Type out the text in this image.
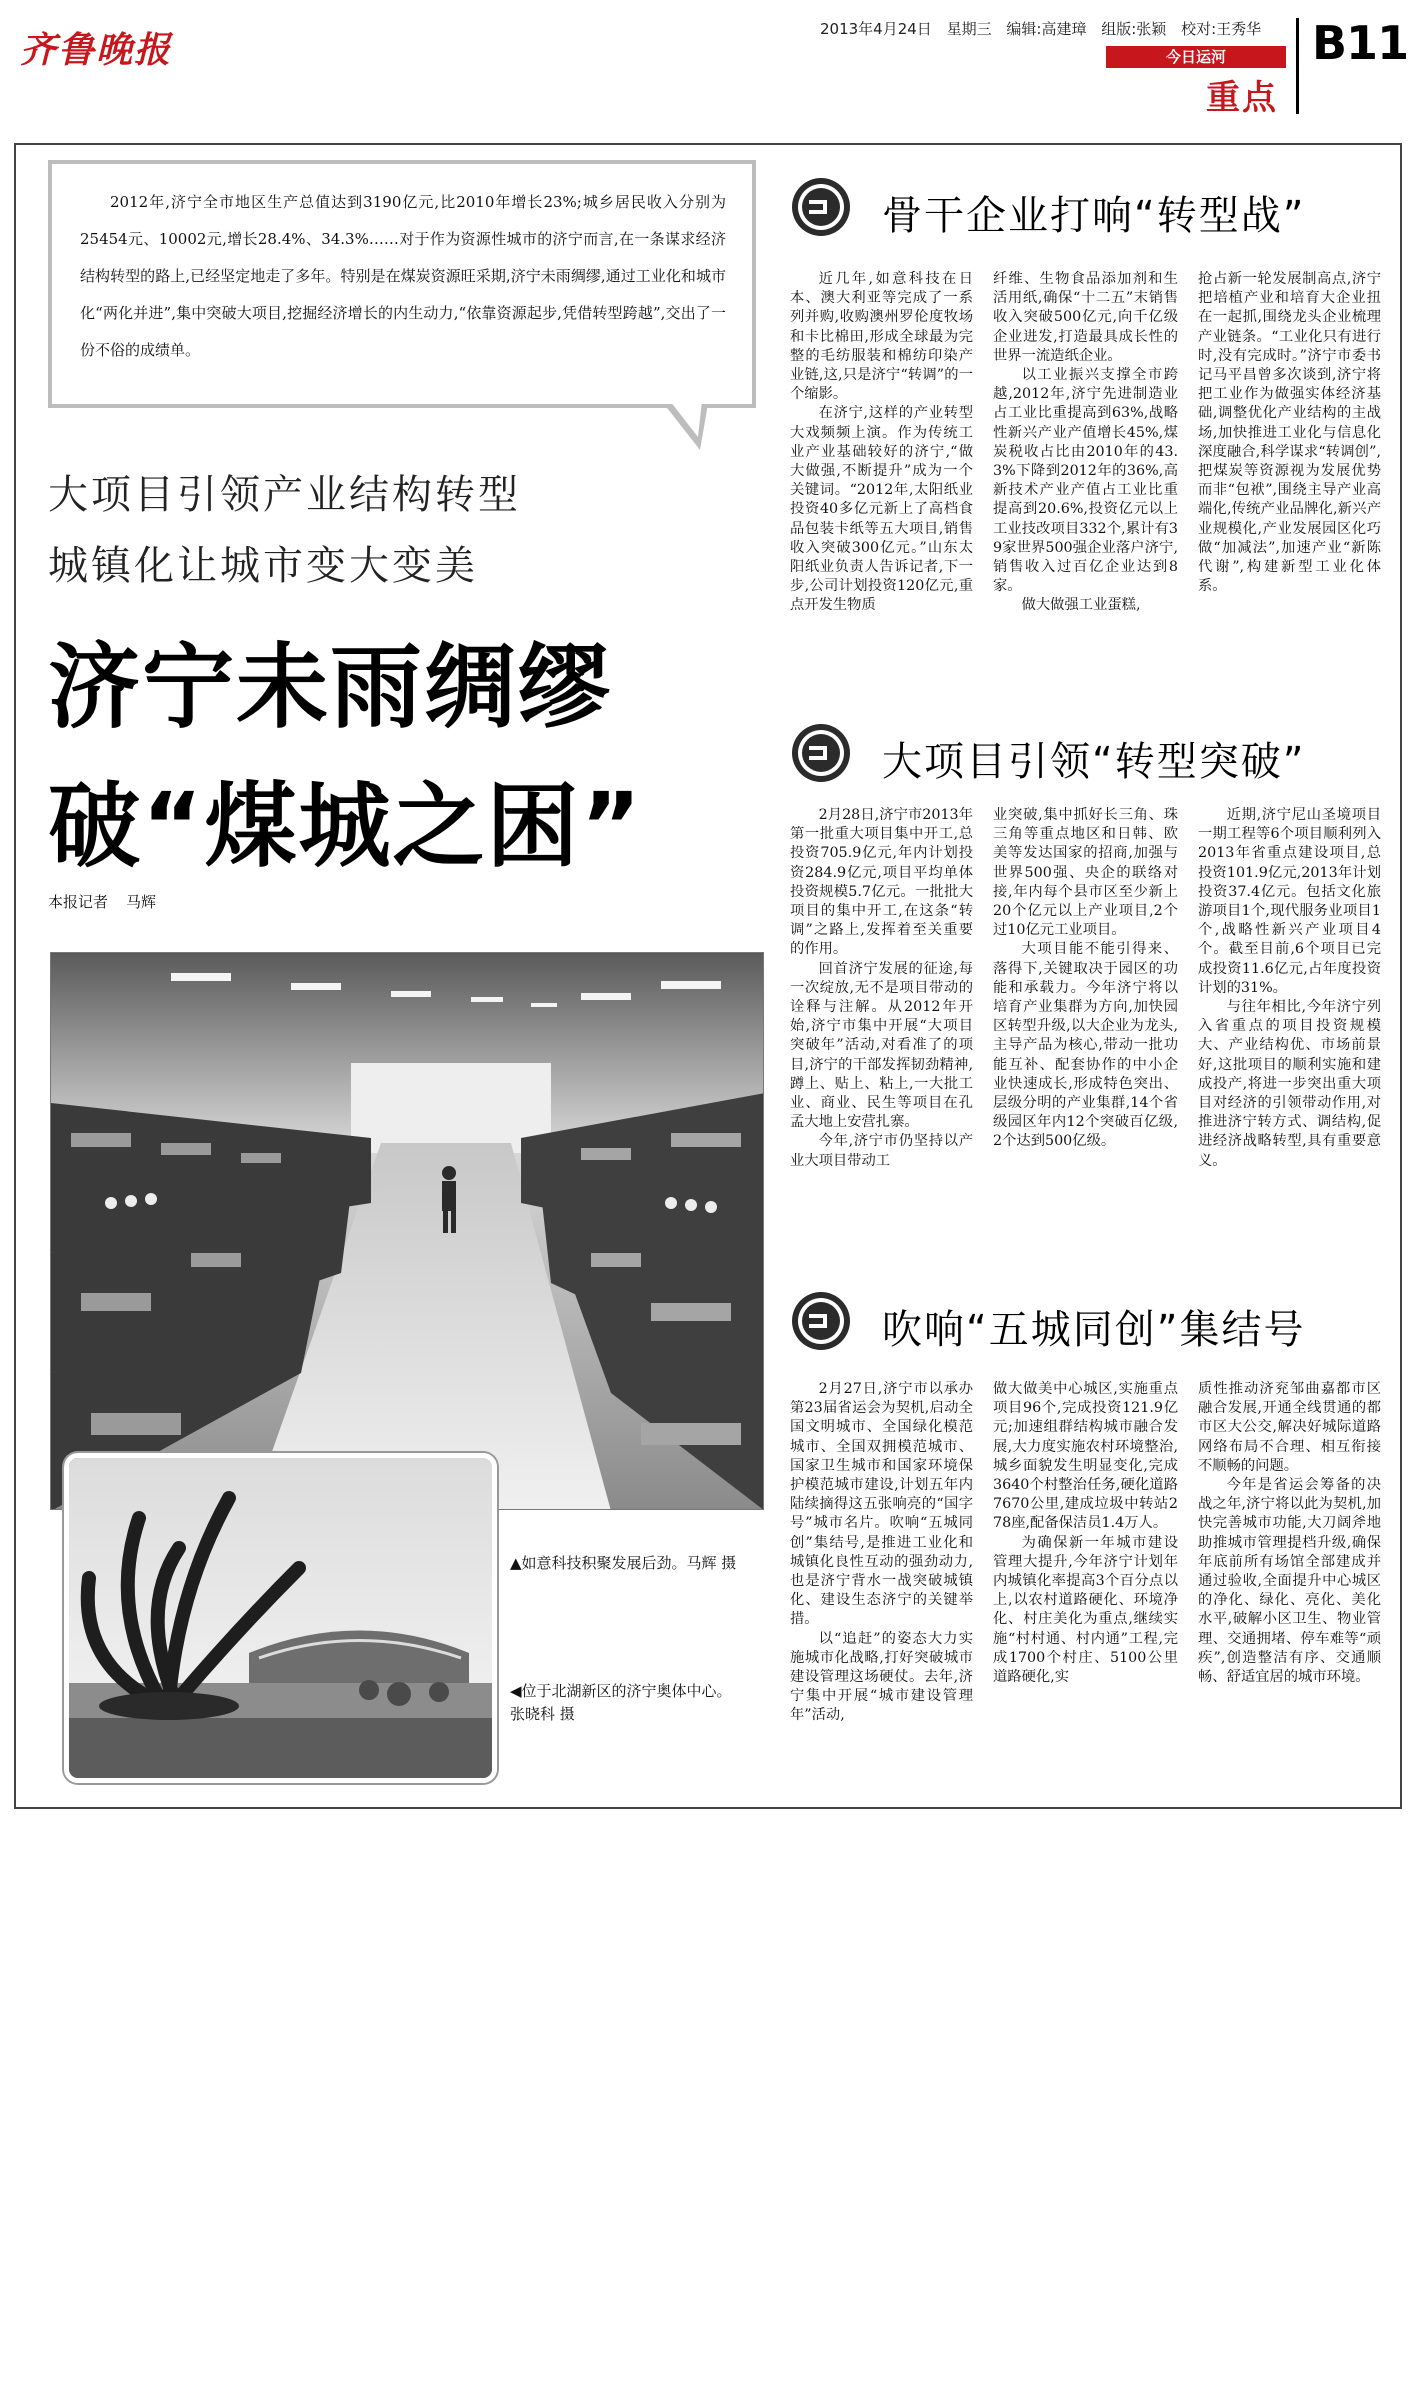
齐鲁晚报	2013年4月24日 星期三 编辑:高建璋 组版:张颖 校对:王秀华
今日运河
重点
B11
2012年,济宁全市地区生产总值达到3190亿元,比2010年增长23%;城乡居民收入分别为25454元、10002元,增长28.4%、34.3%……对于作为资源性城市的济宁而言,在一条谋求经济结构转型的路上,已经坚定地走了多年。特别是在煤炭资源旺采期,济宁未雨绸缪,通过工业化和城市化“两化并进”,集中突破大项目,挖掘经济增长的内生动力,“依靠资源起步,凭借转型跨越”,交出了一份不俗的成绩单。
大项目引领产业结构转型
城镇化让城市变大变美
济宁未雨绸缪
破“煤城之困”
本报记者 马辉
▲如意科技积聚发展后劲。马辉 摄
◀位于北湖新区的济宁奥体中心。 张晓科 摄
骨干企业打响“转型战”

近几年,如意科技在日本、澳大利亚等完成了一系列并购,收购澳州罗伦度牧场和卡比棉田,形成全球最为完整的毛纺服装和棉纺印染产业链,这,只是济宁“转调”的一个缩影。

在济宁,这样的产业转型大戏频频上演。作为传统工业产业基础较好的济宁,“做大做强,不断提升”成为一个关键词。“2012年,太阳纸业投资40多亿元新上了高档食品包装卡纸等五大项目,销售收入突破300亿元。”山东太阳纸业负责人告诉记者,下一步,公司计划投资120亿元,重点开发生物质

纤维、生物食品添加剂和生活用纸,确保“十二五”末销售收入突破500亿元,向千亿级企业进发,打造最具成长性的世界一流造纸企业。

以工业振兴支撑全市跨越,2012年,济宁先进制造业占工业比重提高到63%,战略性新兴产业产值增长45%,煤炭税收占比由2010年的43.3%下降到2012年的36%,高新技术产业产值占工业比重提高到20.6%,投资亿元以上工业技改项目332个,累计有39家世界500强企业落户济宁,销售收入过百亿企业达到8家。

做大做强工业蛋糕,

抢占新一轮发展制高点,济宁把培植产业和培育大企业扭在一起抓,围绕龙头企业梳理产业链条。“工业化只有进行时,没有完成时。”济宁市委书记马平昌曾多次谈到,济宁将把工业作为做强实体经济基础,调整优化产业结构的主战场,加快推进工业化与信息化深度融合,科学谋求“转调创”,把煤炭等资源视为发展优势而非“包袱”,围绕主导产业高端化,传统产业品牌化,新兴产业规模化,产业发展园区化巧做“加减法”,加速产业“新陈代谢”,构建新型工业化体系。

大项目引领“转型突破”

2月28日,济宁市2013年第一批重大项目集中开工,总投资705.9亿元,年内计划投资284.9亿元,项目平均单体投资规模5.7亿元。一批批大项目的集中开工,在这条“转调”之路上,发挥着至关重要的作用。

回首济宁发展的征途,每一次绽放,无不是项目带动的诠释与注解。从2012年开始,济宁市集中开展“大项目突破年”活动,对看准了的项目,济宁的干部发挥韧劲精神,蹲上、贴上、粘上,一大批工业、商业、民生等项目在孔孟大地上安营扎寨。

今年,济宁市仍坚持以产业大项目带动工

业突破,集中抓好长三角、珠三角等重点地区和日韩、欧美等发达国家的招商,加强与世界500强、央企的联络对接,年内每个县市区至少新上20个亿元以上产业项目,2个过10亿元工业项目。

大项目能不能引得来、落得下,关键取决于园区的功能和承载力。今年济宁将以培育产业集群为方向,加快园区转型升级,以大企业为龙头,主导产品为核心,带动一批功能互补、配套协作的中小企业快速成长,形成特色突出、层级分明的产业集群,14个省级园区年内12个突破百亿级,2个达到500亿级。

近期,济宁尼山圣境项目一期工程等6个项目顺利列入2013年省重点建设项目,总投资101.9亿元,2013年计划投资37.4亿元。包括文化旅游项目1个,现代服务业项目1个,战略性新兴产业项目4个。截至目前,6个项目已完成投资11.6亿元,占年度投资计划的31%。

与往年相比,今年济宁列入省重点的项目投资规模大、产业结构优、市场前景好,这批项目的顺利实施和建成投产,将进一步突出重大项目对经济的引领带动作用,对推进济宁转方式、调结构,促进经济战略转型,具有重要意义。

吹响“五城同创”集结号

2月27日,济宁市以承办第23届省运会为契机,启动全国文明城市、全国绿化模范城市、全国双拥模范城市、国家卫生城市和国家环境保护模范城市建设,计划五年内陆续摘得这五张响亮的“国字号”城市名片。吹响“五城同创”集结号,是推进工业化和城镇化良性互动的强劲动力,也是济宁背水一战突破城镇化、建设生态济宁的关键举措。

以“追赶”的姿态大力实施城市化战略,打好突破城市建设管理这场硬仗。去年,济宁集中开展“城市建设管理年”活动,

做大做美中心城区,实施重点项目96个,完成投资121.9亿元;加速组群结构城市融合发展,大力度实施农村环境整治,城乡面貌发生明显变化,完成3640个村整治任务,硬化道路7670公里,建成垃圾中转站278座,配备保洁员1.4万人。

为确保新一年城市建设管理大提升,今年济宁计划年内城镇化率提高3个百分点以上,以农村道路硬化、环境净化、村庄美化为重点,继续实施“村村通、村内通”工程,完成1700个村庄、5100公里道路硬化,实

质性推动济兖邹曲嘉都市区融合发展,开通全线贯通的都市区大公交,解决好城际道路网络布局不合理、相互衔接不顺畅的问题。

今年是省运会筹备的决战之年,济宁将以此为契机,加快完善城市功能,大刀阔斧地助推城市管理提档升级,确保年底前所有场馆全部建成并通过验收,全面提升中心城区的净化、绿化、亮化、美化水平,破解小区卫生、物业管理、交通拥堵、停车难等“顽疾”,创造整洁有序、交通顺畅、舒适宜居的城市环境。
